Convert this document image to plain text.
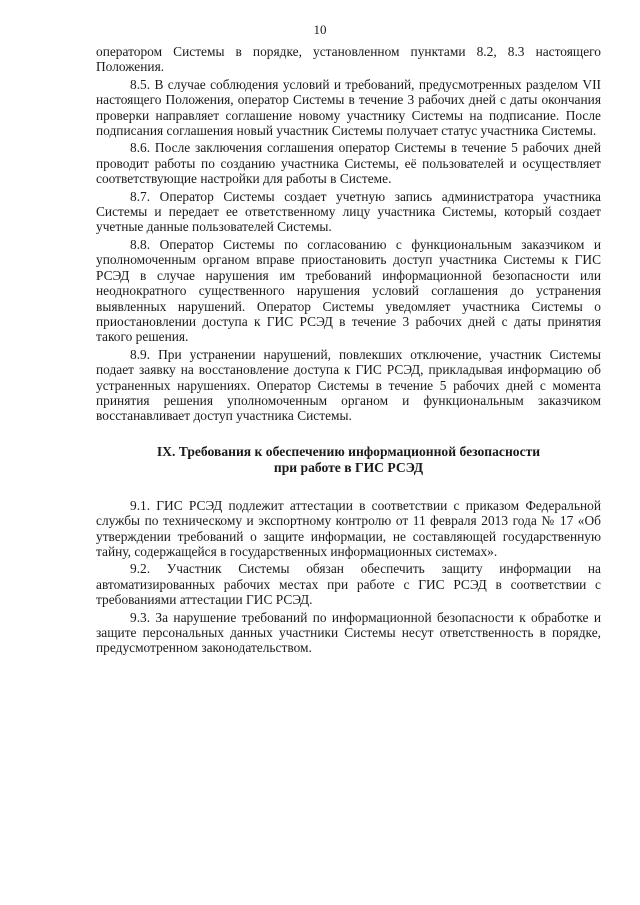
10

оператором Системы в порядке, установленном пунктами 8.2, 8.3 настоящего Положения.

8.5. В случае соблюдения условий и требований, предусмотренных разделом VII настоящего Положения, оператор Системы в течение 3 рабочих дней с даты окончания проверки направляет соглашение новому участнику Системы на подписание. После подписания соглашения новый участник Системы получает статус участника Системы.

8.6. После заключения соглашения оператор Системы в течение 5 рабочих дней проводит работы по созданию участника Системы, её пользователей и осуществляет соответствующие настройки для работы в Системе.

8.7. Оператор Системы создает учетную запись администратора участника Системы и передает ее ответственному лицу участника Системы, который создает учетные данные пользователей Системы.

8.8. Оператор Системы по согласованию с функциональным заказчиком и уполномоченным органом вправе приостановить доступ участника Системы к ГИС РСЭД в случае нарушения им требований информационной безопасности или неоднократного существенного нарушения условий соглашения до устранения выявленных нарушений. Оператор Системы уведомляет участника Системы о приостановлении доступа к ГИС РСЭД в течение 3 рабочих дней с даты принятия такого решения.

8.9. При устранении нарушений, повлекших отключение, участник Системы подает заявку на восстановление доступа к ГИС РСЭД, прикладывая информацию об устраненных нарушениях. Оператор Системы в течение 5 рабочих дней с момента принятия решения уполномоченным органом и функциональным заказчиком восстанавливает доступ участника Системы.

IX. Требования к обеспечению информационной безопасности
при работе в ГИС РСЭД

9.1. ГИС РСЭД подлежит аттестации в соответствии с приказом Федеральной службы по техническому и экспортному контролю от 11 февраля 2013 года № 17 «Об утверждении требований о защите информации, не составляющей государственную тайну, содержащейся в государственных информационных системах».

9.2. Участник Системы обязан обеспечить защиту информации на автоматизированных рабочих местах при работе с ГИС РСЭД в соответствии с требованиями аттестации ГИС РСЭД.

9.3. За нарушение требований по информационной безопасности к обработке и защите персональных данных участники Системы несут ответственность в порядке, предусмотренном законодательством.
